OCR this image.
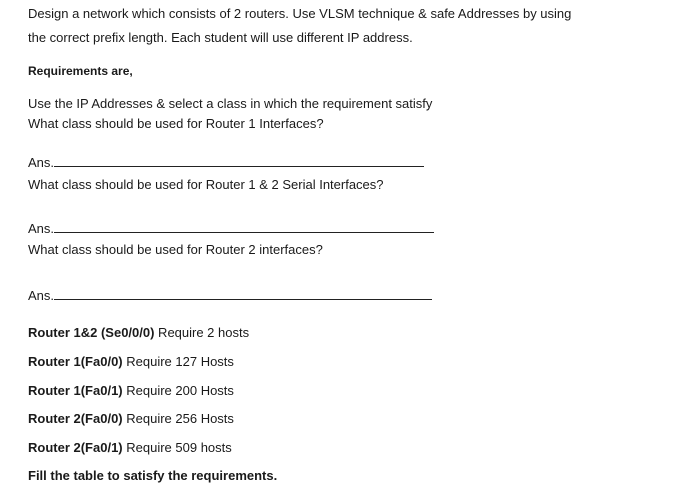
Design a network which consists of 2 routers. Use VLSM technique & safe Addresses by using
the correct prefix length. Each student will use different IP address.
Requirements are,
Use the IP Addresses & select a class in which the requirement satisfy
What class should be used for Router 1 Interfaces?
Ans.
What class should be used for Router 1 & 2 Serial Interfaces?
Ans.
What class should be used for Router 2 interfaces?
Ans.
Router 1&2 (Se0/0/0) Require 2 hosts
Router 1(Fa0/0) Require 127 Hosts
Router 1(Fa0/1) Require 200 Hosts
Router 2(Fa0/0) Require 256 Hosts
Router 2(Fa0/1) Require 509 hosts
Fill the table to satisfy the requirements.
